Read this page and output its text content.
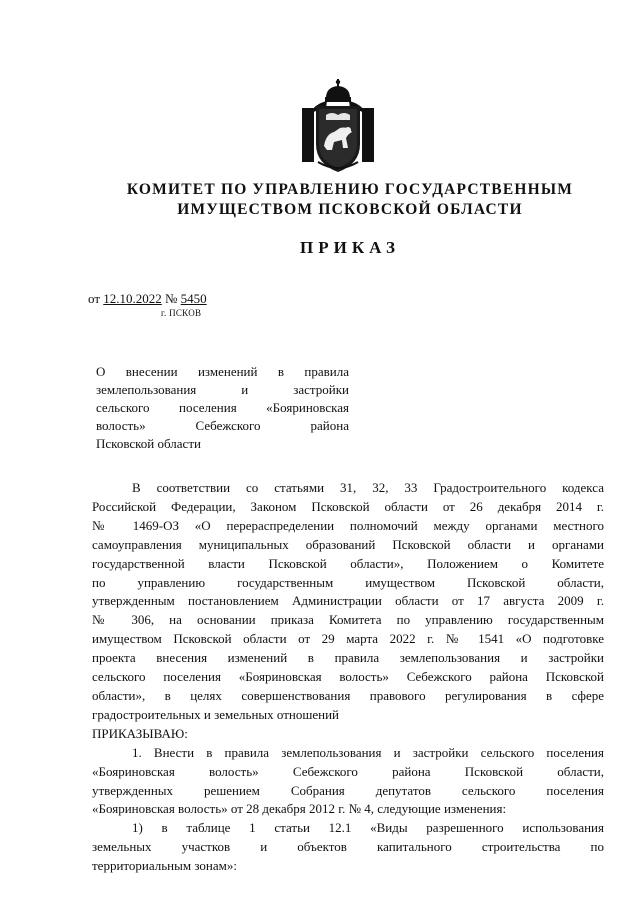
КОМИТЕТ ПО УПРАВЛЕНИЮ ГОСУДАРСТВЕННЫМ
ИМУЩЕСТВОМ ПСКОВСКОЙ ОБЛАСТИ
ПРИКАЗ
от 12.10.2022 № 5450
г. ПСКОВ
О внесении изменений в правила
землепользования и застройки
сельского поселения «Бояриновская
волость» Себежского района
Псковской области
В соответствии со статьями 31, 32, 33 Градостроительного кодекса
Российской Федерации, Законом Псковской области от 26 декабря 2014 г.
№ 1469-ОЗ «О перераспределении полномочий между органами местного
самоуправления муниципальных образований Псковской области и органами
государственной власти Псковской области», Положением о Комитете
по управлению государственным имуществом Псковской области,
утвержденным постановлением Администрации области от 17 августа 2009 г.
№ 306, на основании приказа Комитета по управлению государственным
имуществом Псковской области от 29 марта 2022 г. № 1541 «О подготовке
проекта внесения изменений в правила землепользования и застройки
сельского поселения «Бояриновская волость» Себежского района Псковской
области», в целях совершенствования правового регулирования в сфере
градостроительных и земельных отношений
ПРИКАЗЫВАЮ:
1. Внести в правила землепользования и застройки сельского поселения
«Бояриновская волость» Себежского района Псковской области,
утвержденных решением Собрания депутатов сельского поселения
«Бояриновская волость» от 28 декабря 2012 г. № 4, следующие изменения:
1) в таблице 1 статьи 12.1 «Виды разрешенного использования
земельных участков и объектов капитального строительства по
территориальным зонам»:
